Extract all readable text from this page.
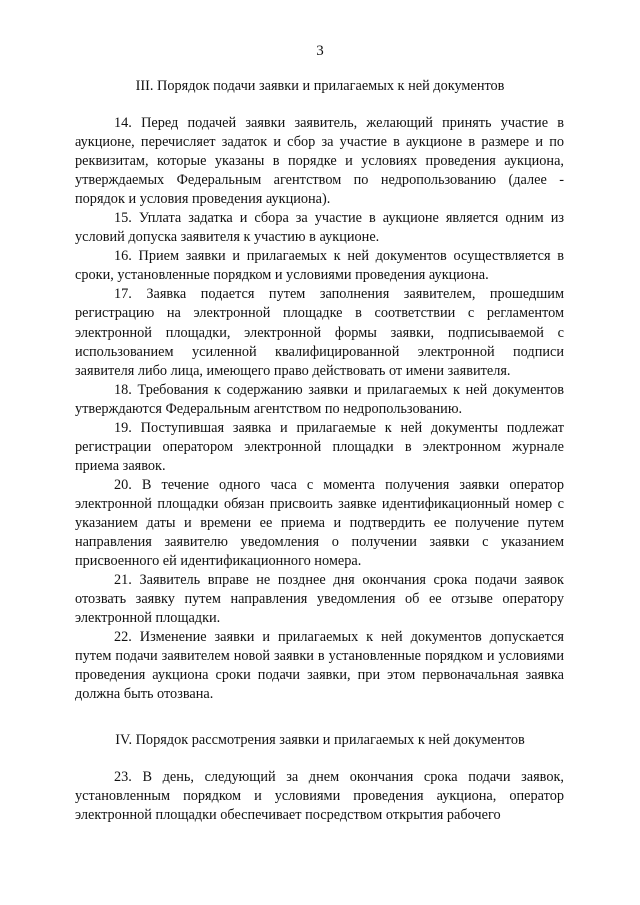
3
III. Порядок подачи заявки и прилагаемых к ней документов

14. Перед подачей заявки заявитель, желающий принять участие в аукционе, перечисляет задаток и сбор за участие в аукционе в размере и по реквизитам, которые указаны в порядке и условиях проведения аукциона, утверждаемых Федеральным агентством по недропользованию (далее - порядок и условия проведения аукциона).

15. Уплата задатка и сбора за участие в аукционе является одним из условий допуска заявителя к участию в аукционе.

16. Прием заявки и прилагаемых к ней документов осуществляется в сроки, установленные порядком и условиями проведения аукциона.

17. Заявка подается путем заполнения заявителем, прошедшим регистрацию на электронной площадке в соответствии с регламентом электронной площадки, электронной формы заявки, подписываемой с использованием усиленной квалифицированной электронной подписи заявителя либо лица, имеющего право действовать от имени заявителя.

18. Требования к содержанию заявки и прилагаемых к ней документов утверждаются Федеральным агентством по недропользованию.

19. Поступившая заявка и прилагаемые к ней документы подлежат регистрации оператором электронной площадки в электронном журнале приема заявок.

20. В течение одного часа с момента получения заявки оператор электронной площадки обязан присвоить заявке идентификационный номер с указанием даты и времени ее приема и подтвердить ее получение путем направления заявителю уведомления о получении заявки с указанием присвоенного ей идентификационного номера.

21. Заявитель вправе не позднее дня окончания срока подачи заявок отозвать заявку путем направления уведомления об ее отзыве оператору электронной площадки.

22. Изменение заявки и прилагаемых к ней документов допускается путем подачи заявителем новой заявки в установленные порядком и условиями проведения аукциона сроки подачи заявки, при этом первоначальная заявка должна быть отозвана.

IV. Порядок рассмотрения заявки и прилагаемых к ней документов

23. В день, следующий за днем окончания срока подачи заявок, установленным порядком и условиями проведения аукциона, оператор электронной площадки обеспечивает посредством открытия рабочего
